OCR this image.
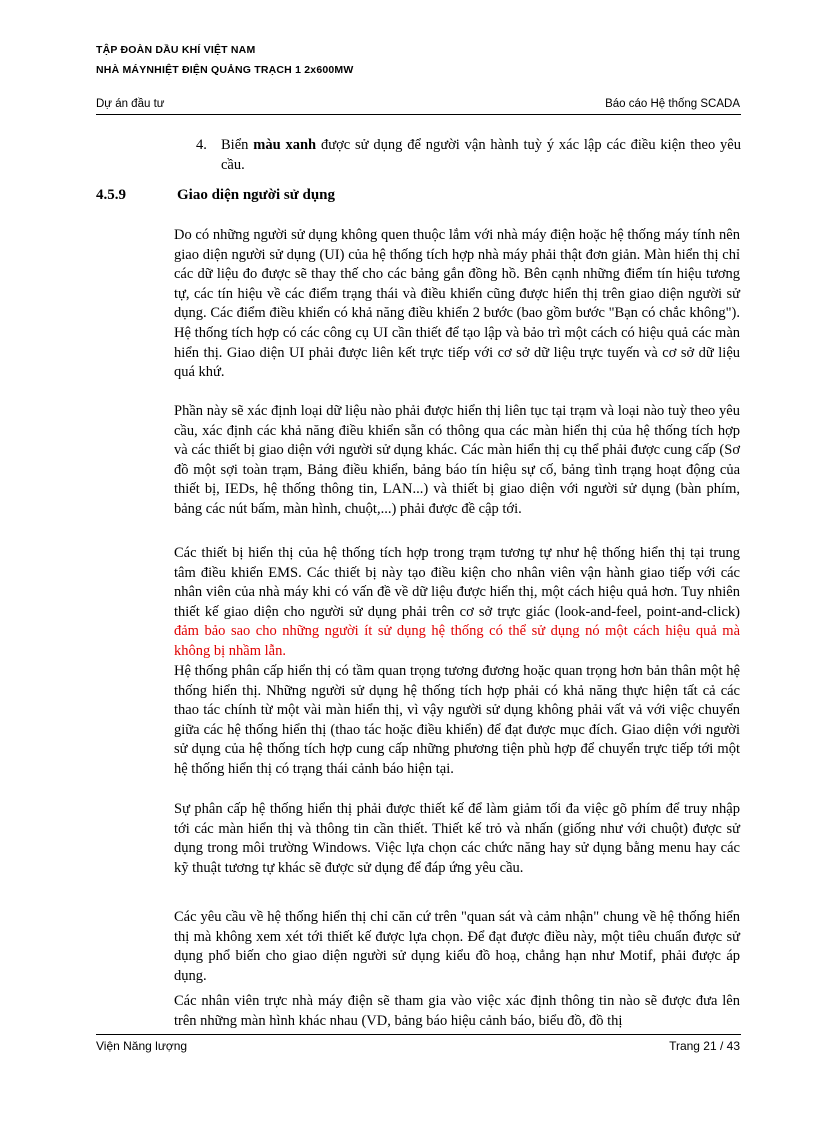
TẬP ĐOÀN DẦU KHÍ VIỆT NAM
NHÀ MÁYNHIỆT ĐIỆN QUẢNG TRẠCH 1 2x600MW
Dự án đầu tư	Báo cáo Hệ thống SCADA
4. Biển màu xanh được sử dụng để người vận hành tuỳ ý xác lập các điều kiện theo yêu cầu.
4.5.9	Giao diện người sử dụng

Do có những người sử dụng không quen thuộc lắm với nhà máy điện hoặc hệ thống máy tính nên giao diện người sử dụng (UI) của hệ thống tích hợp nhà máy phải thật đơn giản. Màn hiển thị chỉ các dữ liệu đo được sẽ thay thế cho các bảng gắn đồng hồ. Bên cạnh những điểm tín hiệu tương tự, các tín hiệu về các điểm trạng thái và điều khiển cũng được hiển thị trên giao diện người sử dụng. Các điểm điều khiển có khả năng điều khiển 2 bước (bao gồm bước "Bạn có chắc không"). Hệ thống tích hợp có các công cụ UI cần thiết để tạo lập và bảo trì một cách có hiệu quả các màn hiển thị. Giao diện UI phải được liên kết trực tiếp với cơ sở dữ liệu trực tuyến và cơ sở dữ liệu quá khứ.

Phần này sẽ xác định loại dữ liệu nào phải được hiển thị liên tục tại trạm và loại nào tuỳ theo yêu cầu, xác định các khả năng điều khiển sẵn có thông qua các màn hiển thị của hệ thống tích hợp và các thiết bị giao diện với người sử dụng khác. Các màn hiển thị cụ thể phải được cung cấp (Sơ đồ một sợi toàn trạm, Bảng điều khiển, bảng báo tín hiệu sự cố, bảng tình trạng hoạt động của thiết bị, IEDs, hệ thống thông tin, LAN...) và thiết bị giao diện với người sử dụng (bàn phím, bảng các nút bấm, màn hình, chuột,...) phải được đề cập tới.

Các thiết bị hiển thị của hệ thống tích hợp trong trạm tương tự như hệ thống hiển thị tại trung tâm điều khiển EMS. Các thiết bị này tạo điều kiện cho nhân viên vận hành giao tiếp với các nhân viên của nhà máy khi có vấn đề về dữ liệu được hiển thị, một cách hiệu quả hơn. Tuy nhiên thiết kế giao diện cho người sử dụng phải trên cơ sở trực giác (look-and-feel, point-and-click) đảm bảo sao cho những người ít sử dụng hệ thống có thể sử dụng nó một cách hiệu quả mà không bị nhầm lẫn.

Hệ thống phân cấp hiển thị có tầm quan trọng tương đương hoặc quan trọng hơn bản thân một hệ thống hiển thị. Những người sử dụng hệ thống tích hợp phải có khả năng thực hiện tất cả các thao tác chính từ một vài màn hiển thị, vì vậy người sử dụng không phải vất vả với việc chuyển giữa các hệ thống hiển thị (thao tác hoặc điều khiển) để đạt được mục đích. Giao diện với người sử dụng của hệ thống tích hợp cung cấp những phương tiện phù hợp để chuyển trực tiếp tới một hệ thống hiển thị có trạng thái cảnh báo hiện tại.

Sự phân cấp hệ thống hiển thị phải được thiết kế để làm giảm tối đa việc gõ phím để truy nhập tới các màn hiển thị và thông tin cần thiết. Thiết kế trỏ và nhấn (giống như với chuột) được sử dụng trong môi trường Windows. Việc lựa chọn các chức năng hay sử dụng bằng menu hay các kỹ thuật tương tự khác sẽ được sử dụng để đáp ứng yêu cầu.

Các yêu cầu về hệ thống hiển thị chỉ căn cứ trên "quan sát và cảm nhận" chung về hệ thống hiển thị mà không xem xét tới thiết kế được lựa chọn. Để đạt được điều này, một tiêu chuẩn được sử dụng phổ biến cho giao diện người sử dụng kiểu đồ hoạ, chẳng hạn như Motif, phải được áp dụng.

Các nhân viên trực nhà máy điện sẽ tham gia vào việc xác định thông tin nào sẽ được đưa lên trên những màn hình khác nhau (VD, bảng báo hiệu cảnh báo, biểu đồ, đồ thị

Viện Năng lượng	Trang 21 / 43
